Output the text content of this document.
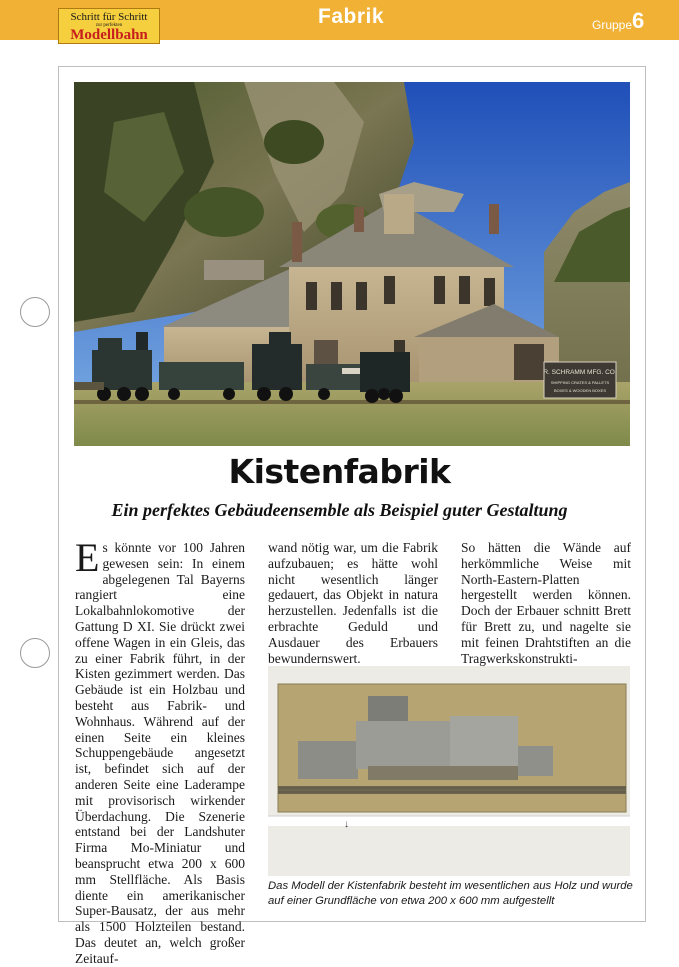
Schritt für Schritt
zur perfekten
Modellbahn
Fabrik	Gruppe 6
R. SCHRAMM MFG. CO.
SHIPPING CRATES & PALLETS
BOXES & WOODEN BOXES
Kistenfabrik
Ein perfektes Gebäudeensemble als Beispiel guter Gestaltung
Es könnte vor 100 Jahren gewesen sein: In einem abgelegenen Tal Bayerns rangiert eine Lokalbahnlokomotive der Gattung D XI. Sie drückt zwei offene Wagen in ein Gleis, das zu einer Fabrik führt, in der Kisten gezimmert werden. Das Gebäude ist ein Holzbau und besteht aus Fabrik- und Wohnhaus. Während auf der einen Seite ein kleines Schuppengebäude angesetzt ist, befindet sich auf der anderen Seite eine Laderampe mit provisorisch wirkender Überdachung. Die Szenerie entstand bei der Landshuter Firma Mo-Miniatur und beansprucht etwa 200 x 600 mm Stellfläche. Als Basis diente ein amerikanischer Super-Bausatz, der aus mehr als 1500 Holzteilen bestand. Das deutet an, welch großer Zeitauf-
wand nötig war, um die Fabrik aufzubauen; es hätte wohl nicht wesentlich länger gedauert, das Objekt in natura herzustellen. Jedenfalls ist die erbrachte Geduld und Ausdauer des Erbauers bewundernswert.
So hätten die Wände auf herkömmliche Weise mit North-Eastern-Platten hergestellt werden können. Doch der Erbauer schnitt Brett für Brett zu, und nagelte sie mit feinen Drahtstiften an die Tragwerkskonstrukti-
↓
Das Modell der Kistenfabrik besteht im wesentlichen aus Holz und wurde auf einer Grundfläche von etwa 200 x 600 mm aufgestellt
